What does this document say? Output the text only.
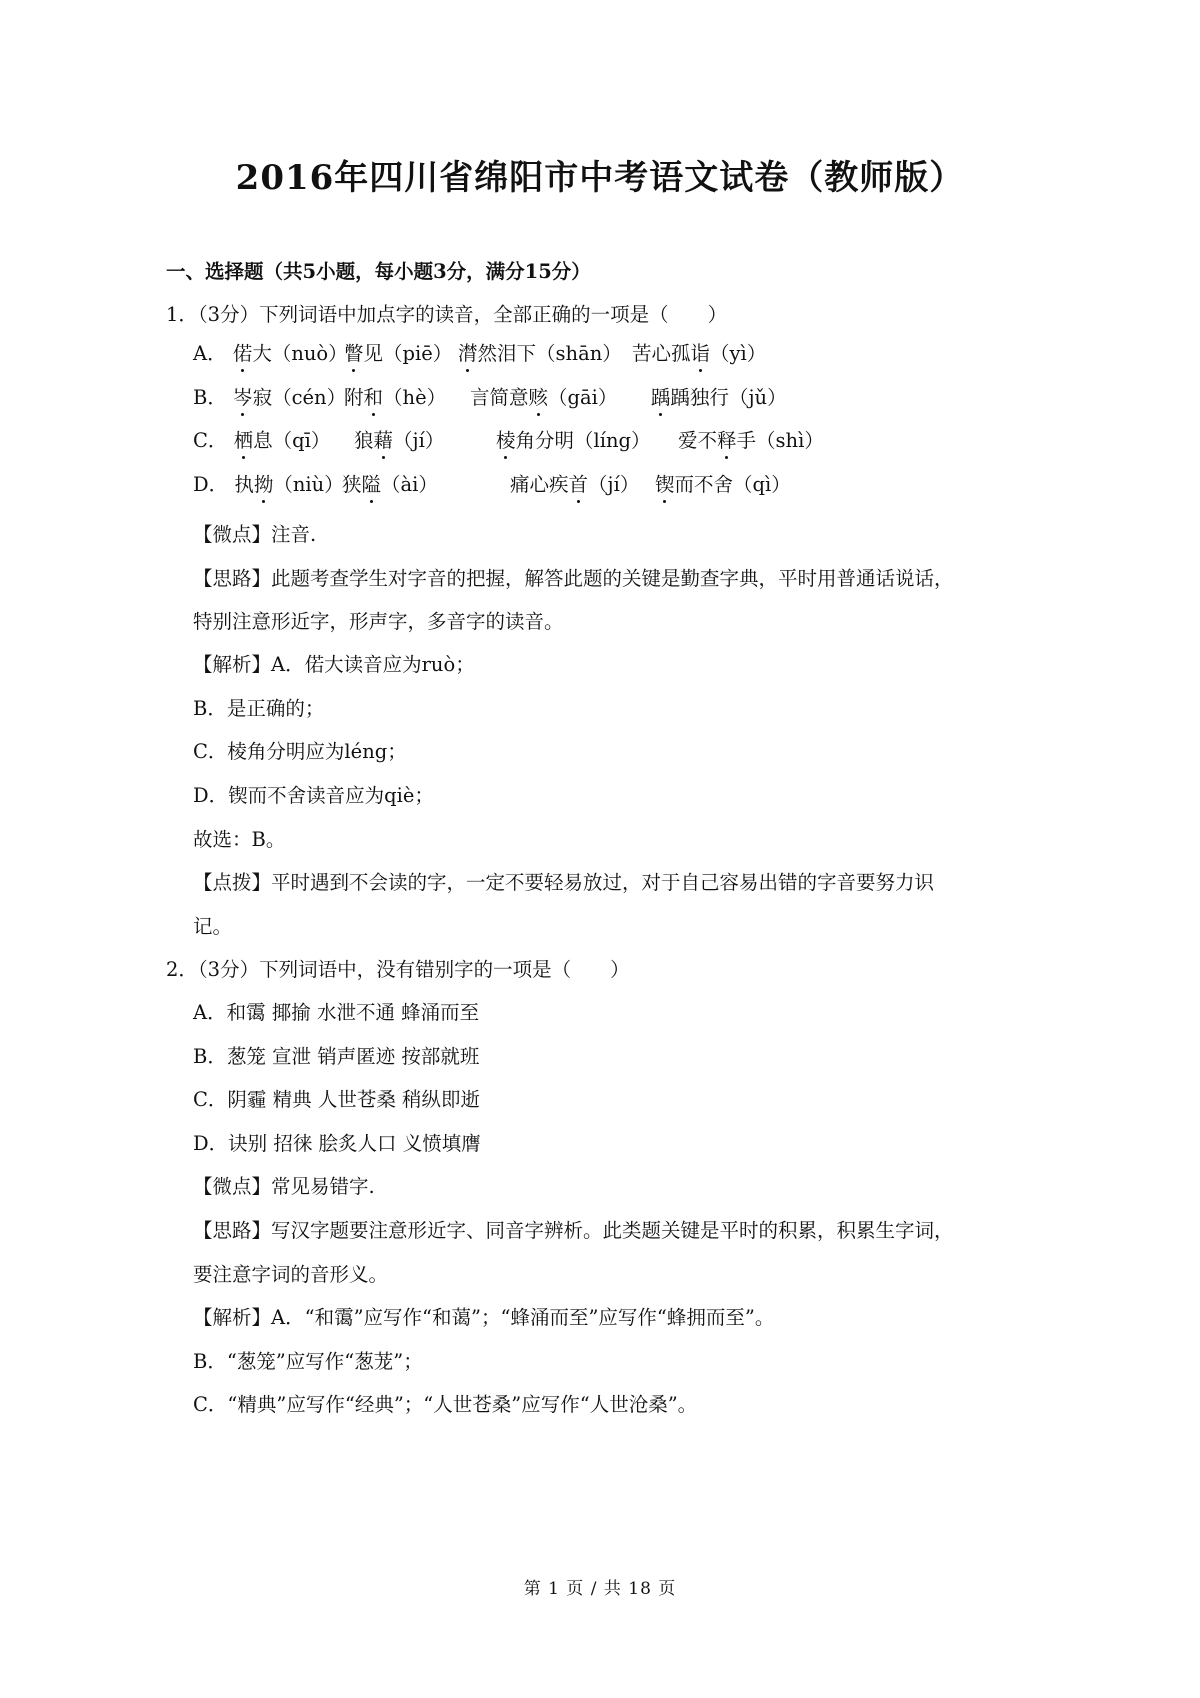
2016年四川省绵阳市中考语文试卷（教师版）
一、选择题（共5小题，每小题3分，满分15分）
1．（3分）下列词语中加点字的读音，全部正确的一项是（　　）
A． 偌大（nuò）
瞥见（piē） 潸然泪下（shān） 苦心孤诣（yì）
B． 岑寂（cén）
附和（hè） 言简意赅（gāi） 踽踽独行（jǔ）
C． 栖息（qī） 狼藉（jí）	棱角分明（líng） 爱不释手（shì）
D． 执拗（niù）
狭隘（ài）	痛心疾首（jí） 锲而不舍（qì）
【微点】注音.
【思路】此题考查学生对字音的把握，解答此题的关键是勤查字典，平时用普通话说话，
特别注意形近字，形声字，多音字的读音。
【解析】A．偌大读音应为ruò；
B．是正确的；
C．棱角分明应为léng；
D．锲而不舍读音应为qiè；
故选：B。
【点拨】平时遇到不会读的字，一定不要轻易放过，对于自己容易出错的字音要努力识
记。
2．（3分）下列词语中，没有错别字的一项是（　　）
A．和霭 揶揄 水泄不通 蜂涌而至
B．葱笼 宣泄 销声匿迹 按部就班
C．阴霾 精典 人世苍桑 稍纵即逝
D．诀别 招徕 脍炙人口 义愤填膺
【微点】常见易错字.
【思路】写汉字题要注意形近字、同音字辨析。此类题关键是平时的积累，积累生字词，
要注意字词的音形义。
【解析】A．“和霭”应写作“和蔼”；“蜂涌而至”应写作“蜂拥而至”。
B．“葱笼”应写作“葱茏”；
C．“精典”应写作“经典”；“人世苍桑”应写作“人世沧桑”。
第 1 页 / 共 18 页
